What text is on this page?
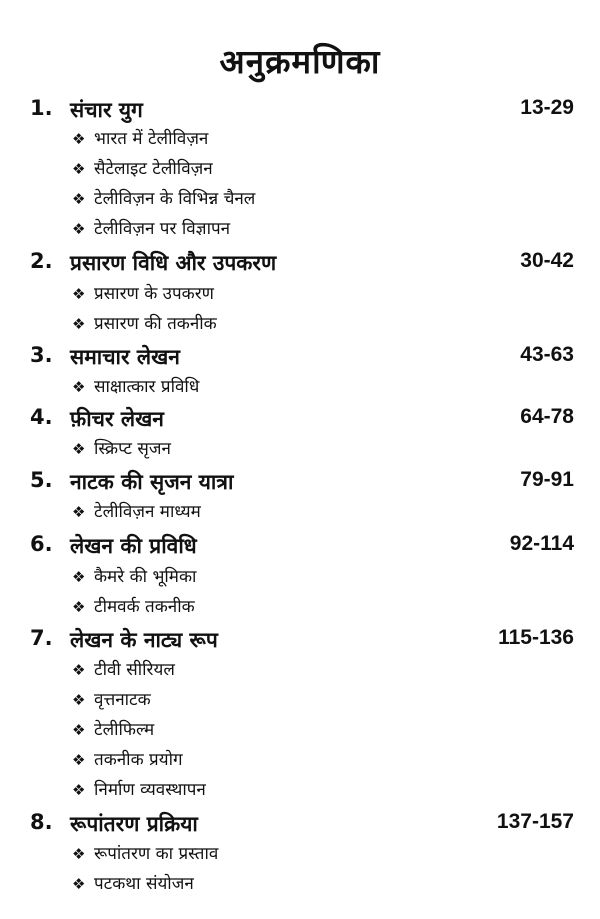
अनुक्रमणिका
1. संचार युग	13-29
❖ भारत में टेलीविज़न
❖ सैटेलाइट टेलीविज़न
❖ टेलीविज़न के विभिन्न चैनल
❖ टेलीविज़न पर विज्ञापन
2. प्रसारण विधि और उपकरण	30-42
❖ प्रसारण के उपकरण
❖ प्रसारण की तकनीक
3. समाचार लेखन	43-63
❖ साक्षात्कार प्रविधि
4. फ़ीचर लेखन	64-78
❖ स्क्रिप्ट सृजन
5. नाटक की सृजन यात्रा	79-91
❖ टेलीविज़न माध्यम
6. लेखन की प्रविधि	92-114
❖ कैमरे की भूमिका
❖ टीमवर्क तकनीक
7. लेखन के नाट्य रूप	115-136
❖ टीवी सीरियल
❖ वृत्तनाटक
❖ टेलीफिल्म
❖ तकनीक प्रयोग
❖ निर्माण व्यवस्थापन
8. रूपांतरण प्रक्रिया	137-157
❖ रूपांतरण का प्रस्ताव
❖ पटकथा संयोजन
